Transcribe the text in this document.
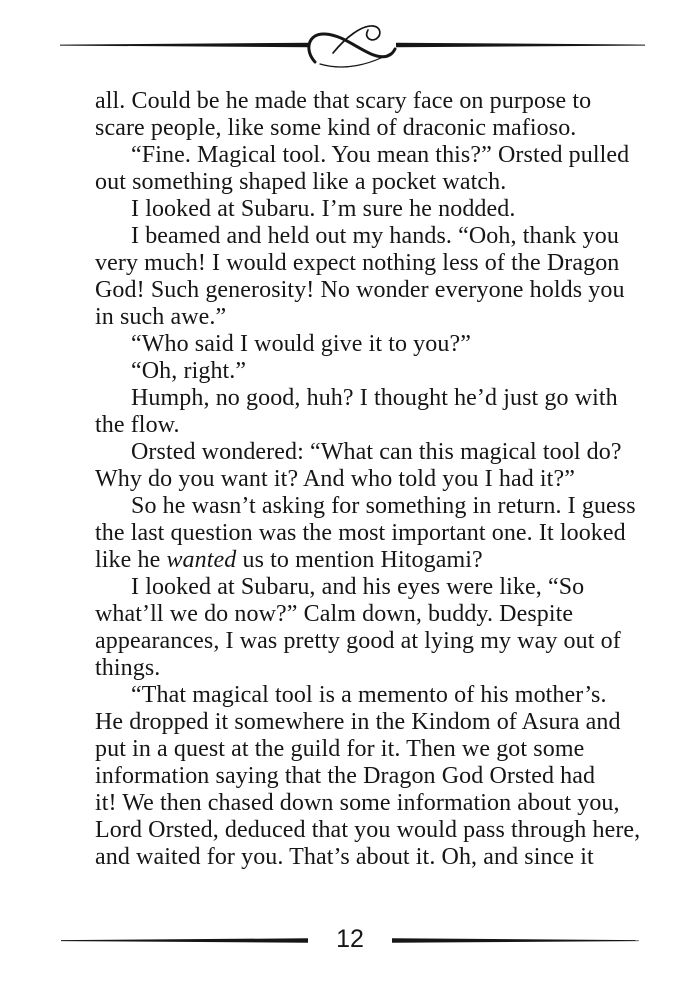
all. Could be he made that scary face on purpose to
scare people, like some kind of draconic mafioso.
“Fine. Magical tool. You mean this?” Orsted pulled
out something shaped like a pocket watch.
I looked at Subaru. I’m sure he nodded.
I beamed and held out my hands. “Ooh, thank you
very much! I would expect nothing less of the Dragon
God! Such generosity! No wonder everyone holds you
in such awe.”
“Who said I would give it to you?”
“Oh, right.”
Humph, no good, huh? I thought he’d just go with
the flow.
Orsted wondered: “What can this magical tool do?
Why do you want it? And who told you I had it?”
So he wasn’t asking for something in return. I guess
the last question was the most important one. It looked
like he wanted us to mention Hitogami?
I looked at Subaru, and his eyes were like, “So
what’ll we do now?” Calm down, buddy. Despite
appearances, I was pretty good at lying my way out of
things.
“That magical tool is a memento of his mother’s.
He dropped it somewhere in the Kindom of Asura and
put in a quest at the guild for it. Then we got some
information saying that the Dragon God Orsted had
it! We then chased down some information about you,
Lord Orsted, deduced that you would pass through here,
and waited for you. That’s about it. Oh, and since it
12
